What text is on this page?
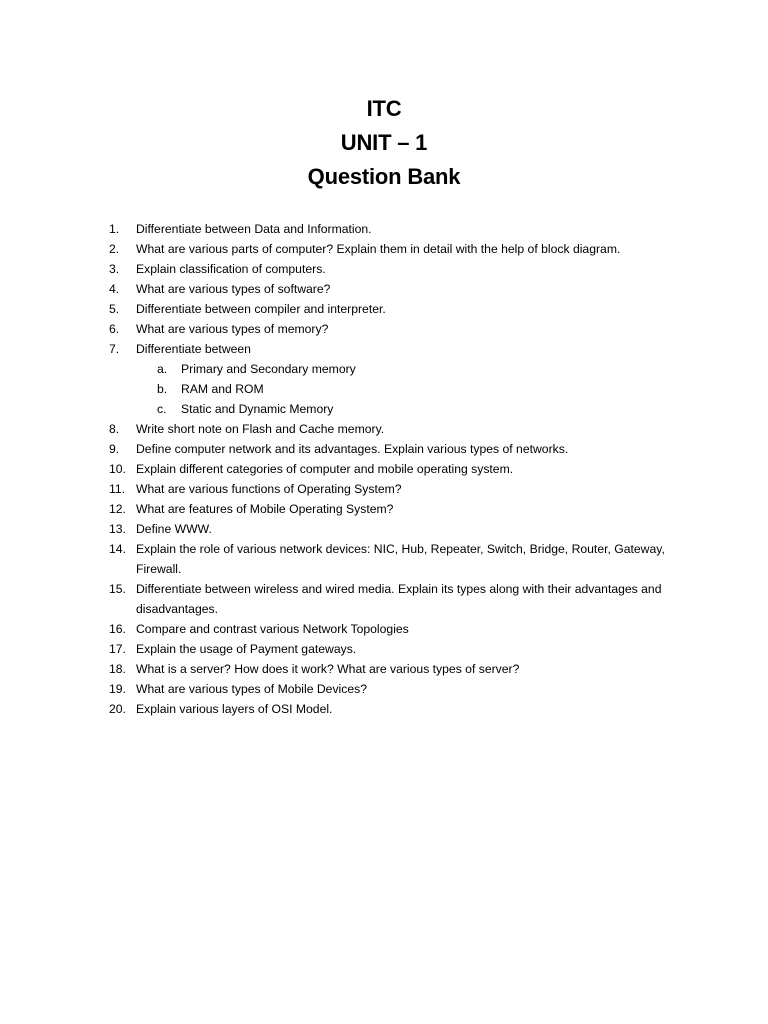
ITC
UNIT – 1
Question Bank
1.	Differentiate between Data and Information.
2.	What are various parts of computer? Explain them in detail with the help of block diagram.
3.	Explain classification of computers.
4.	What are various types of software?
5.	Differentiate between compiler and interpreter.
6.	What are various types of memory?
7.	Differentiate between
a.	Primary and Secondary memory
b.	RAM and ROM
c.	Static and Dynamic Memory
8.	Write short note on Flash and Cache memory.
9.	Define computer network and its advantages. Explain various types of networks.
10. Explain different categories of computer and mobile operating system.
11. What are various functions of Operating System?
12. What are features of Mobile Operating System?
13. Define WWW.
14. Explain the role of various network devices: NIC, Hub, Repeater, Switch, Bridge, Router, Gateway, Firewall.
15. Differentiate between wireless and wired media. Explain its types along with their advantages and disadvantages.
16. Compare and contrast various Network Topologies
17. Explain the usage of Payment gateways.
18. What is a server? How does it work? What are various types of server?
19. What are various types of Mobile Devices?
20. Explain various layers of OSI Model.
